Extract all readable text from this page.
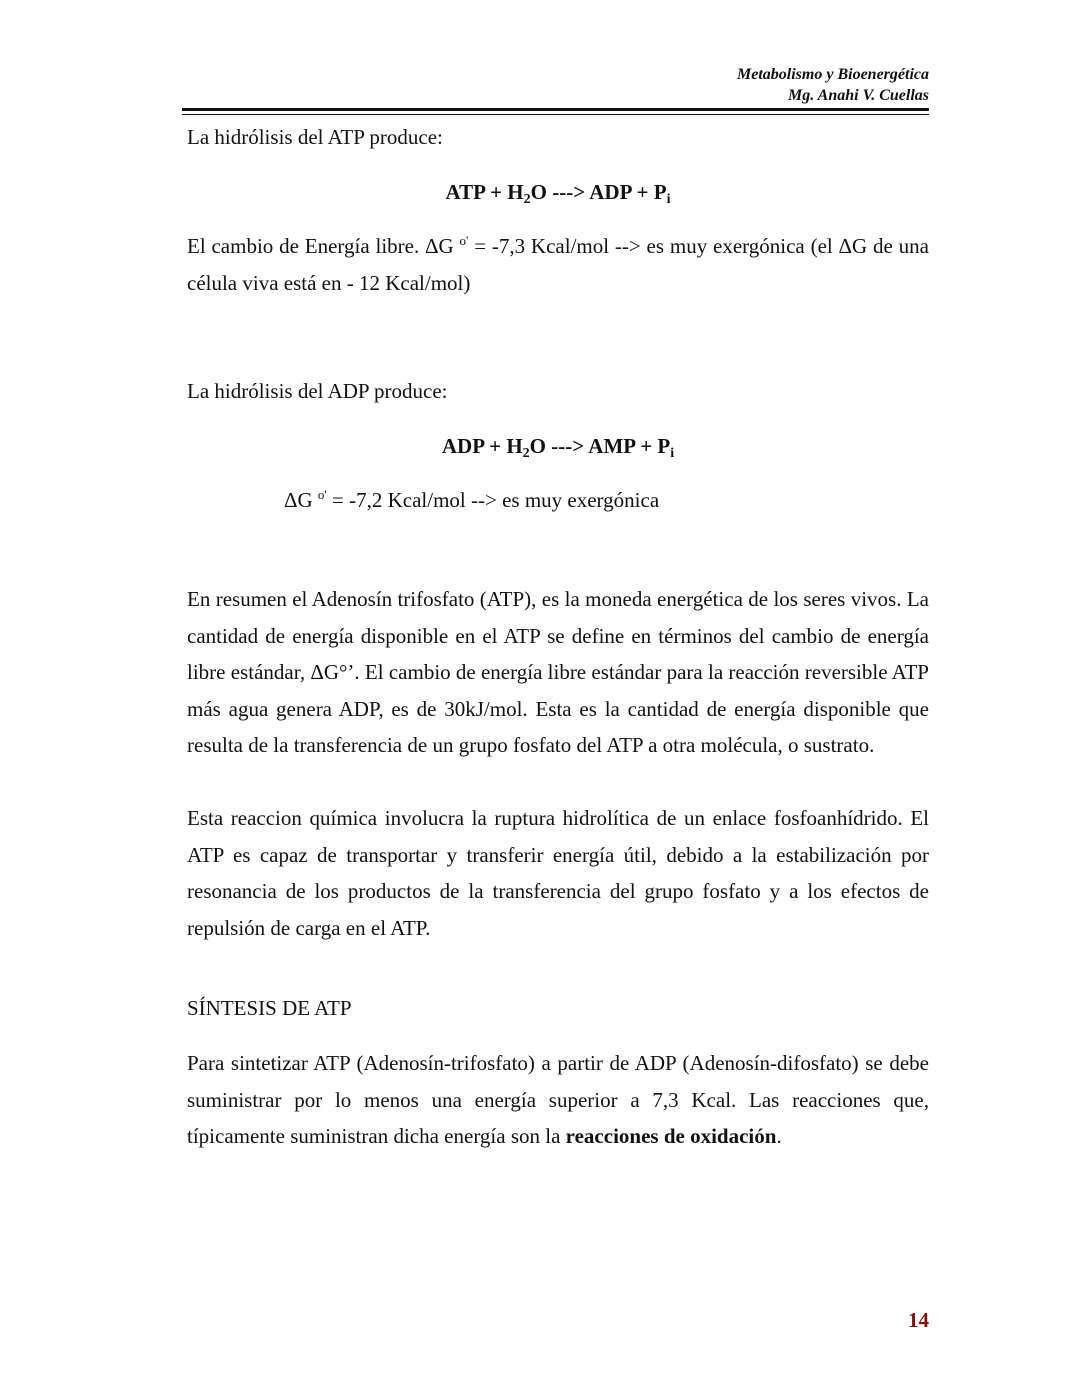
Metabolismo y Bioenergética
Mg. Anahi V. Cuellas

La hidrólisis del ATP produce:

ATP + $H_2O$ ---> ADP + $P_i$

El cambio de Energía libre. ΔG $^{o'}$ = -7,3 Kcal/mol --> es muy exergónica (el ΔG de una célula viva está en - 12 Kcal/mol)

La hidrólisis del ADP produce:

ADP + $H_2O$ ---> AMP + $P_i$
ΔG $^{o'}$ = -7,2 Kcal/mol --> es muy exergónica

En resumen el Adenosín trifosfato (ATP), es la moneda energética de los seres vivos. La cantidad de energía disponible en el ATP se define en términos del cambio de energía libre estándar, ΔG°’. El cambio de energía libre estándar para la reacción reversible ATP más agua genera ADP, es de 30kJ/mol. Esta es la cantidad de energía disponible que resulta de la transferencia de un grupo fosfato del ATP a otra molécula, o sustrato.

Esta reaccion química involucra la ruptura hidrolítica de un enlace fosfoanhídrido. El ATP es capaz de transportar y transferir energía útil, debido a la estabilización por resonancia de los productos de la transferencia del grupo fosfato y a los efectos de repulsión de carga en el ATP.

SÍNTESIS DE ATP

Para sintetizar ATP (Adenosín-trifosfato) a partir de ADP (Adenosín-difosfato) se debe suministrar por lo menos una energía superior a 7,3 Kcal. Las reacciones que, típicamente suministran dicha energía son la reacciones de oxidación.

14
